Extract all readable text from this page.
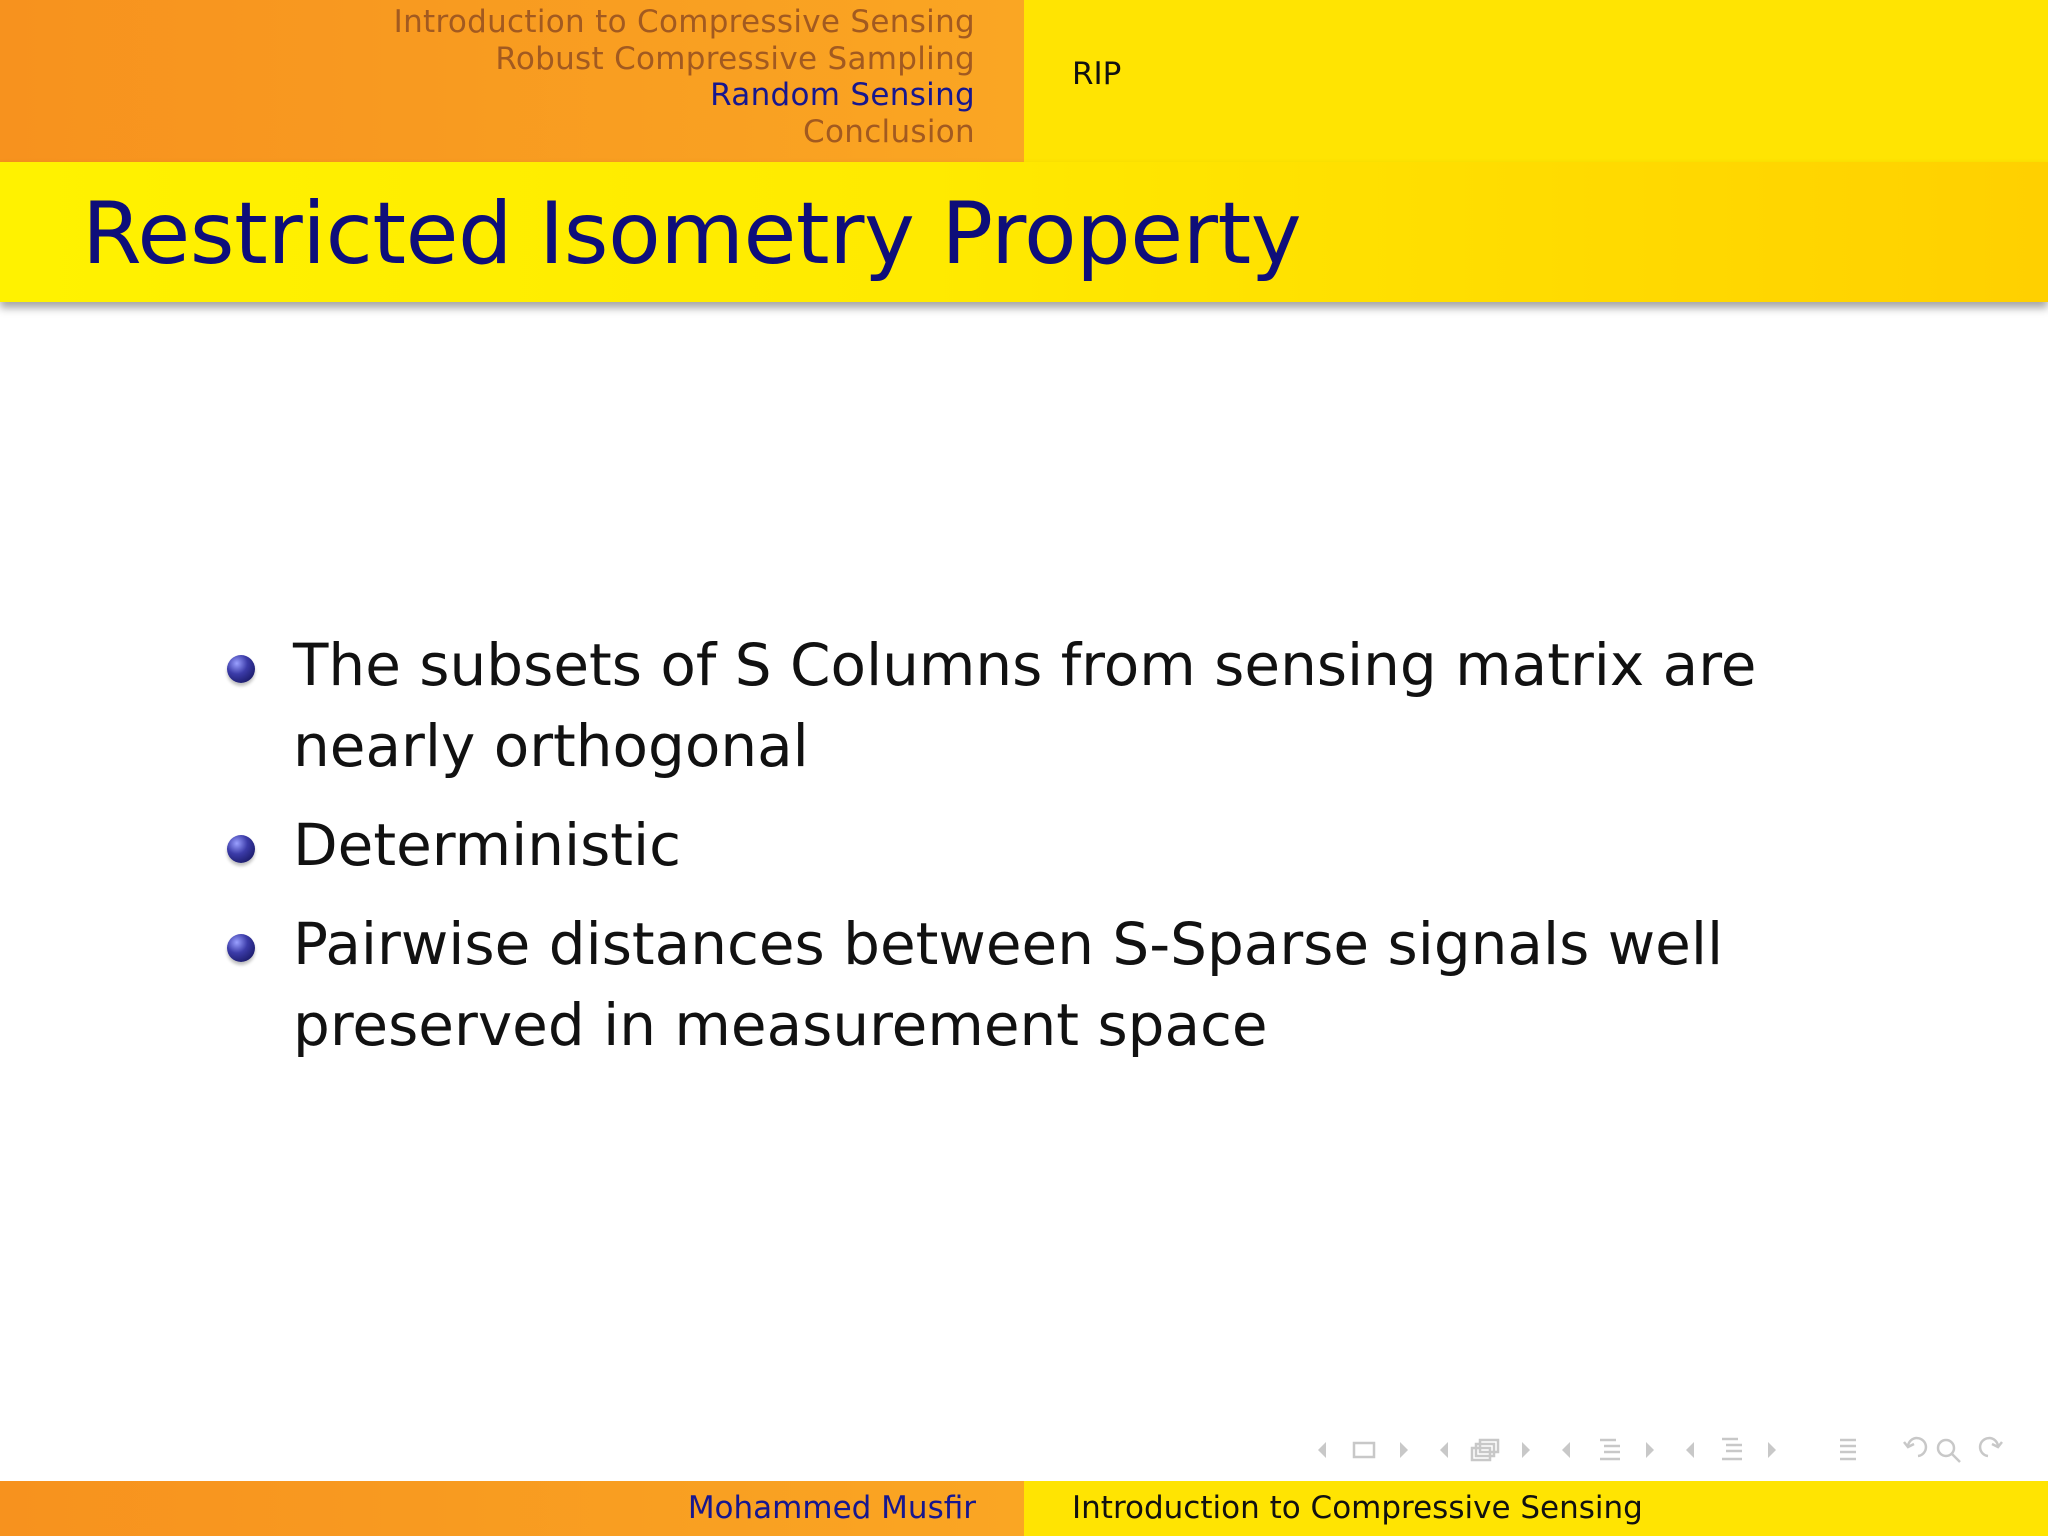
Introduction to Compressive Sensing
Robust Compressive Sampling
Random Sensing
Conclusion
RIP
Restricted Isometry Property
The subsets of S Columns from sensing matrix are nearly orthogonal
Deterministic
Pairwise distances between S-Sparse signals well preserved in measurement space
Mohammed Musfir	Introduction to Compressive Sensing
